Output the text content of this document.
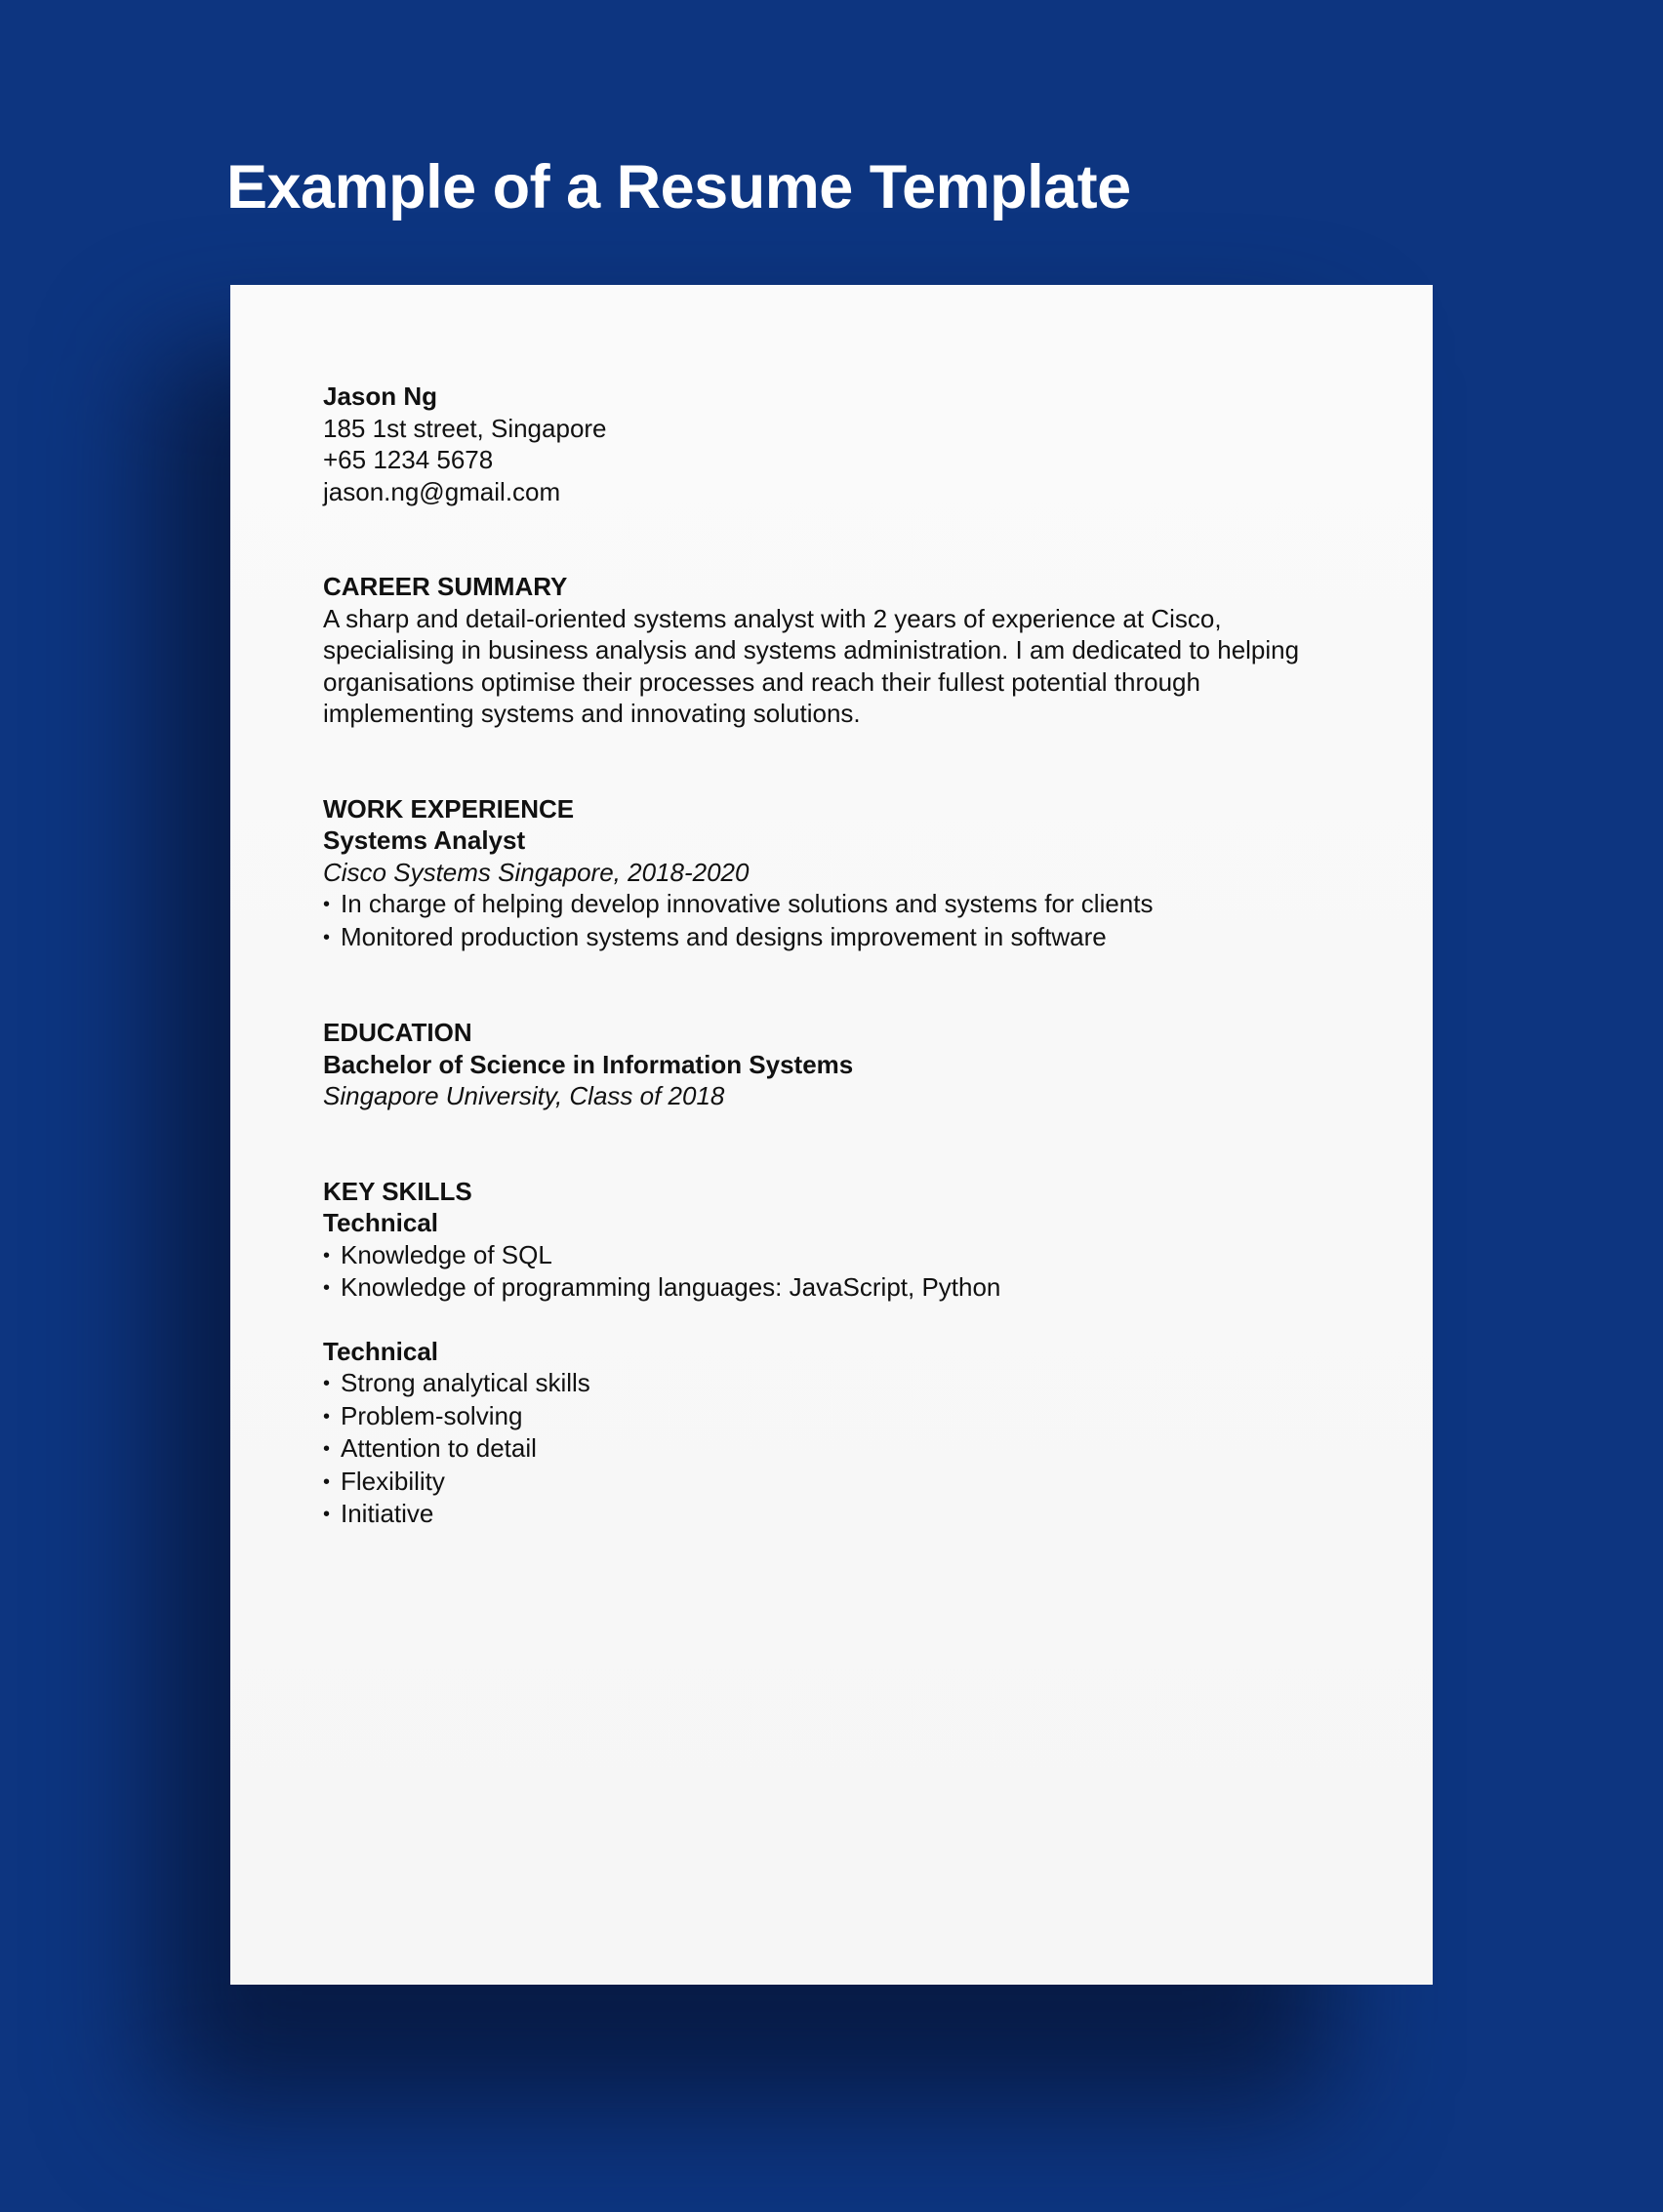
Example of a Resume Template
Jason Ng
185 1st street, Singapore
+65 1234 5678
jason.ng@gmail.com
CAREER SUMMARY
A sharp and detail-oriented systems analyst with 2 years of experience at Cisco,
specialising in business analysis and systems administration. I am dedicated to helping
organisations optimise their processes and reach their fullest potential through
implementing systems and innovating solutions.
WORK EXPERIENCE
Systems Analyst
Cisco Systems Singapore, 2018-2020
• In charge of helping develop innovative solutions and systems for clients
• Monitored production systems and designs improvement in software
EDUCATION
Bachelor of Science in Information Systems
Singapore University, Class of 2018
KEY SKILLS
Technical
• Knowledge of SQL
• Knowledge of programming languages: JavaScript, Python
Technical
• Strong analytical skills
• Problem-solving
• Attention to detail
• Flexibility
• Initiative
